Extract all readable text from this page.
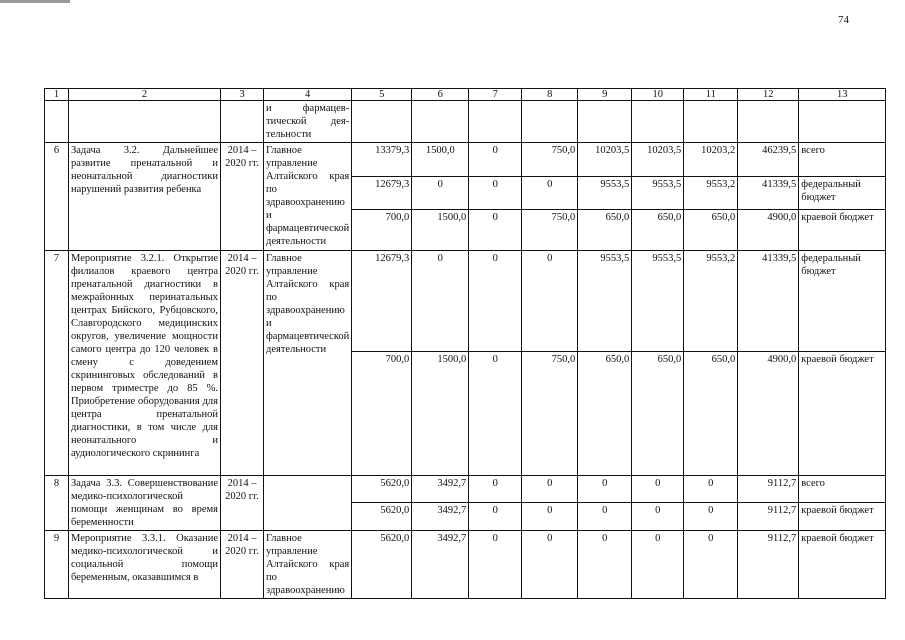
74
1	2	3	4	5	6	7	8	9	10	11	12	13
			и фармацев-тической дея-тельности									
6	Задача 3.2. Дальнейшее развитие пренатальной и неонатальной диагностики нарушений развития ребенка	2014 – 2020 гг.	Главное управление Алтайского края по здравоохранению и фармацевтической деятельности	13379,3	1500,0	0	750,0	10203,5	10203,5	10203,2	46239,5	всего
				12679,3	0	0	0	9553,5	9553,5	9553,2	41339,5	федеральный бюджет
				700,0	1500,0	0	750,0	650,0	650,0	650,0	4900,0	краевой бюджет
7	Мероприятие 3.2.1. Открытие филиалов краевого центра пренатальной диагностики в межрайонных перинатальных центрах Бийского, Рубцовского, Славгородского медицинских округов, увеличение мощности самого центра до 120 человек в смену с доведением скрининговых обследований в первом триместре до 85 %. Приобретение оборудования для центра пренатальной диагностики, в том числе для неонатального и аудиологического скрининга	2014 – 2020 гг.	Главное управление Алтайского края по здравоохранению и фармацевтической деятельности	12679,3	0	0	0	9553,5	9553,5	9553,2	41339,5	федеральный бюджет
				700,0	1500,0	0	750,0	650,0	650,0	650,0	4900,0	краевой бюджет
8	Задача 3.3. Совершенствование медико-психологической помощи женщинам во время беременности	2014 – 2020 гг.		5620,0	3492,7	0	0	0	0	0	9112,7	всего
				5620,0	3492,7	0	0	0	0	0	9112,7	краевой бюджет
9	Мероприятие 3.3.1. Оказание медико-психологической и социальной помощи беременным, оказавшимся в	2014 – 2020 гг.	Главное управление Алтайского края по здравоохранению	5620,0	3492,7	0	0	0	0	0	9112,7	краевой бюджет
